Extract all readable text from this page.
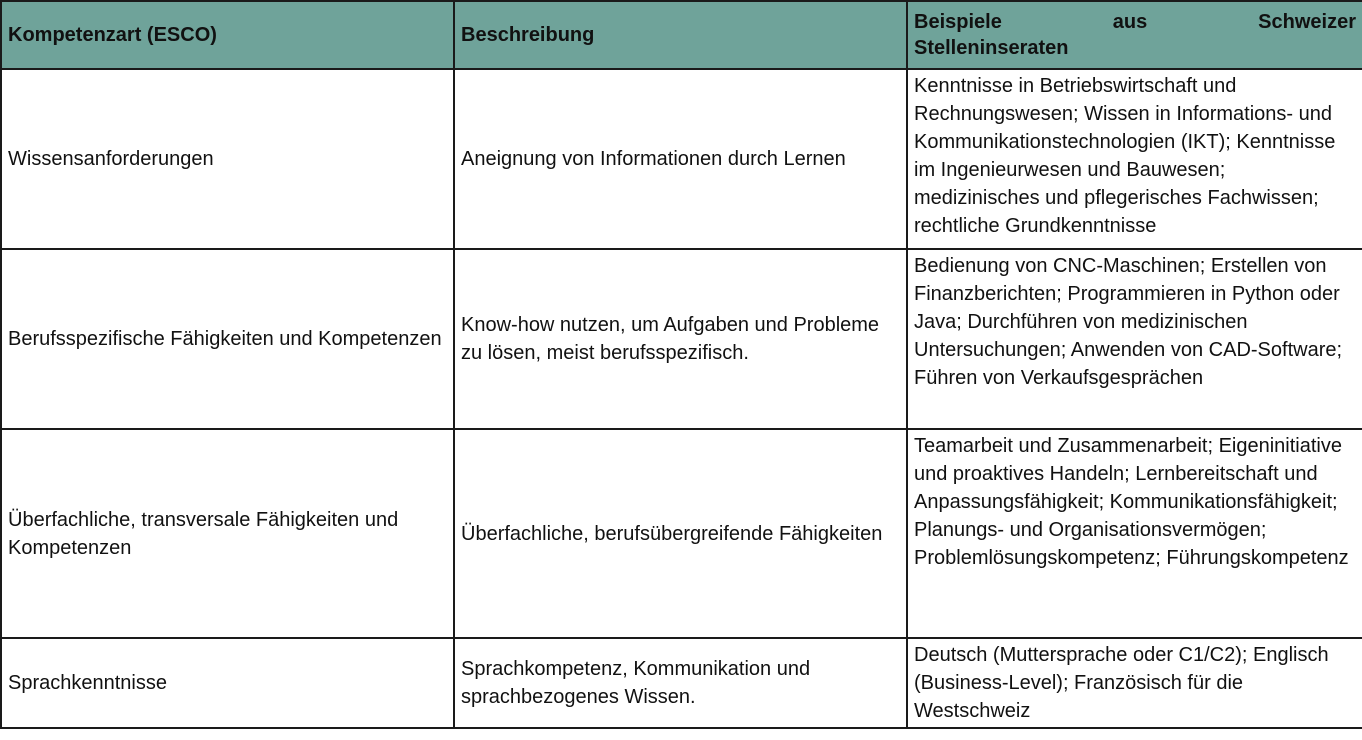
Kompetenzart (ESCO)	Beschreibung	Beispiele aus Schweizer
Stelleninseraten

Wissensanforderungen	Aneignung von Informationen durch Lernen	Kenntnisse in Betriebswirtschaft und Rechnungswesen; Wissen in Informations- und Kommunikationstechnologien (IKT); Kenntnisse im Ingenieurwesen und Bauwesen; medizinisches und pflegerisches Fachwissen; rechtliche Grundkenntnisse
Berufsspezifische Fähigkeiten und Kompetenzen	Know-how nutzen, um Aufgaben und Probleme zu lösen, meist berufsspezifisch.	Bedienung von CNC-Maschinen; Erstellen von Finanzberichten; Programmieren in Python oder Java; Durchführen von medizinischen Untersuchungen; Anwenden von CAD-Software; Führen von Verkaufsgesprächen
Überfachliche, transversale Fähigkeiten und Kompetenzen	Überfachliche, berufsübergreifende Fähigkeiten	Teamarbeit und Zusammenarbeit; Eigeninitiative und proaktives Handeln; Lernbereitschaft und Anpassungsfähigkeit; Kommunikationsfähigkeit; Planungs- und Organisationsvermögen; Problemlösungskompetenz; Führungskompetenz
Sprachkenntnisse	Sprachkompetenz, Kommunikation und sprachbezogenes Wissen.	Deutsch (Muttersprache oder C1/C2); Englisch (Business-Level); Französisch für die Westschweiz
